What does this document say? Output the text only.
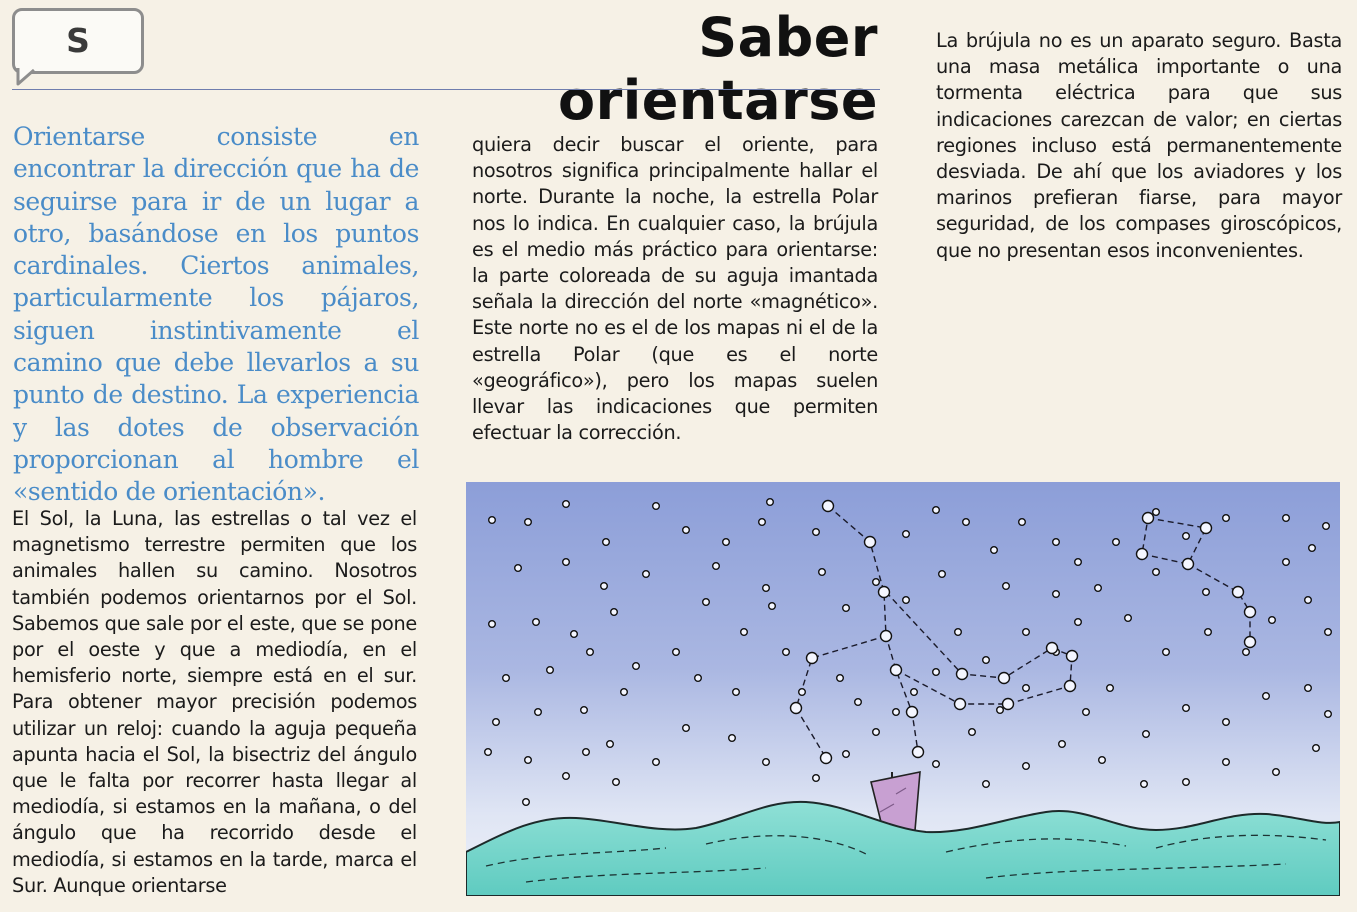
S	Saber orientarse

Orientarse consiste en encontrar la dirección que ha de seguirse para ir de un lugar a otro, basándose en los puntos cardinales. Ciertos animales, particularmente los pájaros, siguen instintivamente el camino que debe llevarlos a su punto de destino. La experiencia y las dotes de observación proporcionan al hombre el «sentido de orientación».

El Sol, la Luna, las estrellas o tal vez el magnetismo terrestre permiten que los animales hallen su camino. Nosotros también podemos orientarnos por el Sol. Sabemos que sale por el este, que se pone por el oeste y que a mediodía, en el hemisferio norte, siempre está en el sur. Para obtener mayor precisión podemos utilizar un reloj: cuando la aguja pequeña apunta hacia el Sol, la bisectriz del ángulo que le falta por recorrer hasta llegar al mediodía, si estamos en la mañana, o del ángulo que ha recorrido desde el mediodía, si estamos en la tarde, marca el Sur. Aunque orientarse

quiera decir buscar el oriente, para nosotros significa principalmente hallar el norte. Durante la noche, la estrella Polar nos lo indica. En cualquier caso, la brújula es el medio más práctico para orientarse: la parte coloreada de su aguja imantada señala la dirección del norte «magnético». Este norte no es el de los mapas ni el de la estrella Polar (que es el norte «geográfico»), pero los mapas suelen llevar las indicaciones que permiten efectuar la corrección.

La brújula no es un aparato seguro. Basta una masa metálica importante o una tormenta eléctrica para que sus indicaciones carezcan de valor; en ciertas regiones incluso está permanentemente desviada. De ahí que los aviadores y los marinos prefieran fiarse, para mayor seguridad, de los compases giroscópicos, que no presentan esos inconvenientes.
